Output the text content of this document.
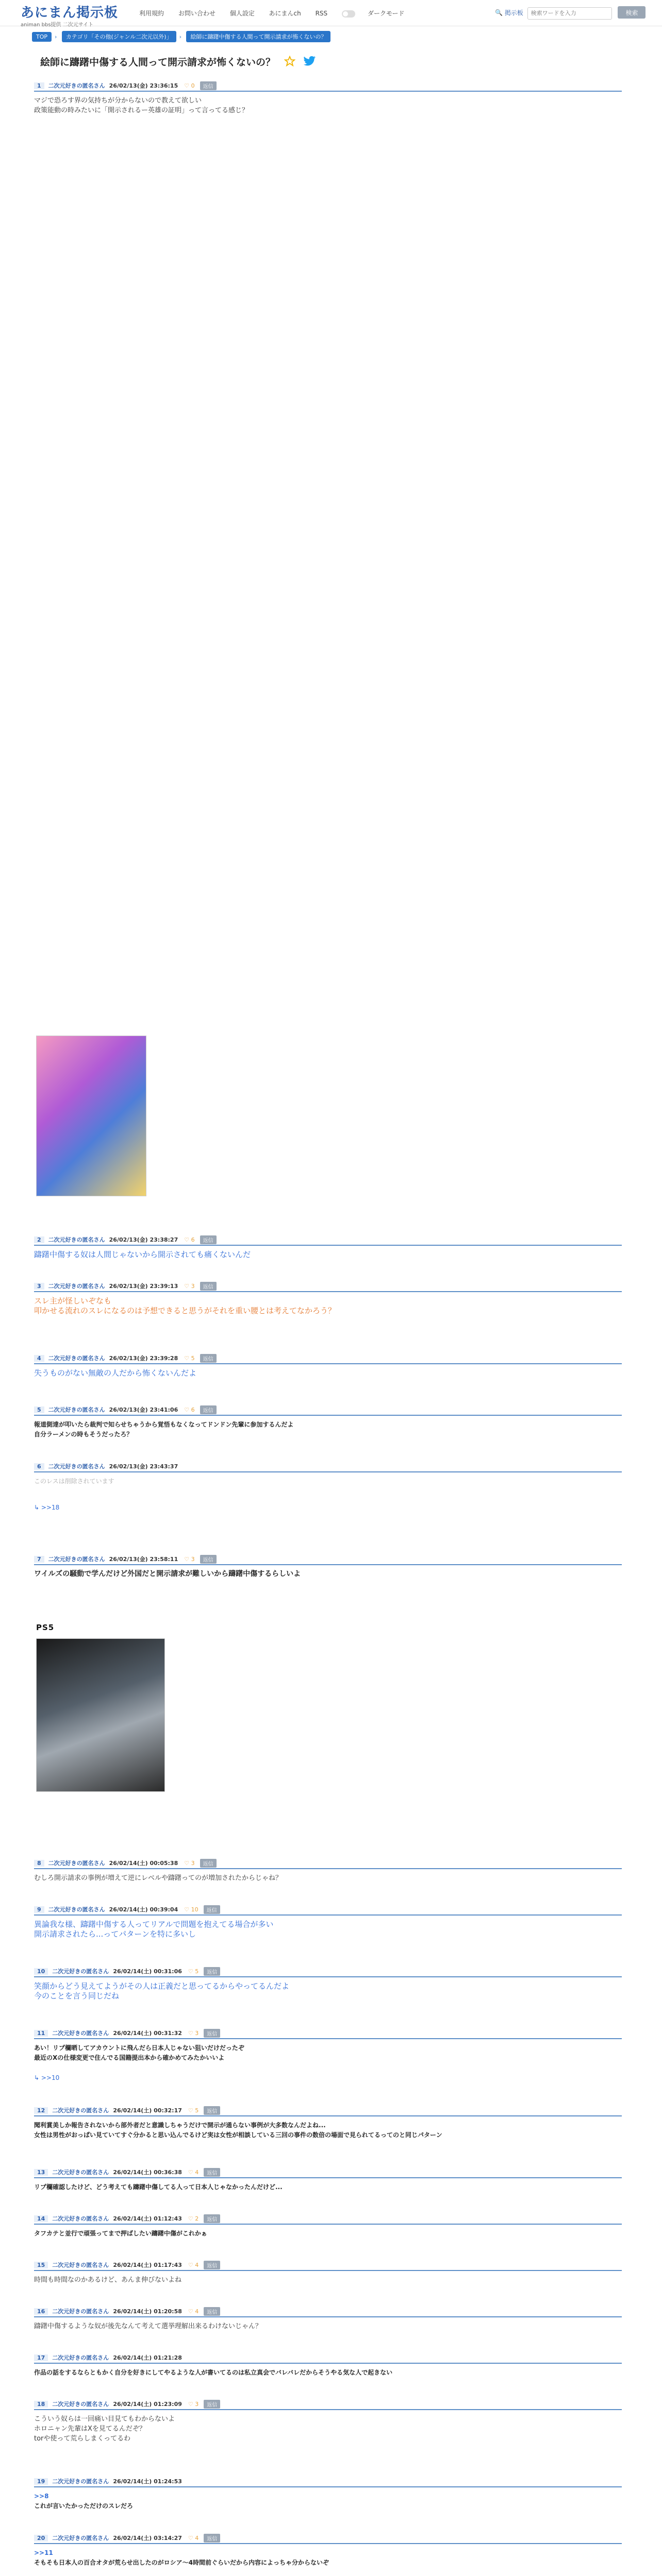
あにまん掲示板
animan bbs提供 二次元サイト
利用規約 お問い合わせ 個人設定 あにまんch RSS	ダークモード	🔍 掲示板 検索ワードを入力	検索
TOP › カテゴリ「その他(ジャンル二次元以外)」 › 絵師に躊躇中傷する人間って開示請求が怖くないの？
絵師に躊躇中傷する人間って開示請求が怖くないの？
1	二次元好きの匿名さん 26/02/13(金) 23:36:15 ♡ 0	返信
マジで恐ろす界の気持ちが分からないので教えて欲しい
政策能動の時みたいに「開示されるー英雄の証明」って言ってる感じ？
2	二次元好きの匿名さん 26/02/13(金) 23:38:27 ♡ 6	返信
躊躇中傷する奴は人間じゃないから開示されても痛くないんだ
3	二次元好きの匿名さん 26/02/13(金) 23:39:13 ♡ 3	返信
スレ主が怪しいぞなも
叩かせる流れのスレになるのは予想できると思うがそれを重い腰とは考えてなかろう？
4	二次元好きの匿名さん 26/02/13(金) 23:39:28 ♡ 5	返信
失うものがない無敵の人だから怖くないんだよ
5	二次元好きの匿名さん 26/02/13(金) 23:41:06 ♡ 6	返信
報道側達が叩いたら裁判で知らせちゃうから覚悟もなくなってドンドン先輩に参加するんだよ
自分ラーメンの時もそうだったろ？
6	二次元好きの匿名さん 26/02/13(金) 23:43:37
このレスは削除されています
↳ >>18
7	二次元好きの匿名さん 26/02/13(金) 23:58:11 ♡ 3	返信
ワイルズの騒動で学んだけど外国だと開示請求が難しいから躊躇中傷するらしいよ
PS5
8	二次元好きの匿名さん 26/02/14(土) 00:05:38 ♡ 3	返信
むしろ開示請求の事例が増えて逆にレベルや躊躇ってのが増加されたからじゃね？
9	二次元好きの匿名さん 26/02/14(土) 00:39:04 ♡ 10	返信
異論我な様、躊躇中傷する人ってリアルで問題を抱えてる場合が多い
開示請求されたら...ってパターンを特に多いし
10	二次元好きの匿名さん 26/02/14(土) 00:31:06 ♡ 5	返信
笑顔からどう見えてようがその人は正義だと思ってるからやってるんだよ
今のことを言う同じだね
11	二次元好きの匿名さん 26/02/14(土) 00:31:32 ♡ 3	返信
あい！リプ欄晒してアカウントに飛んだら日本人じゃない狙いだけだったぞ
最近のXの仕様変更で住んでる国籍提出本から確かめてみたかいいよ
↳ >>10
12	二次元好きの匿名さん 26/02/14(土) 00:32:17 ♡ 5	返信
聞利賞美しか報告されないから部外者だと意識しちゃうだけで開示が通らない事例が大多数なんだよね...
女性は男性がおっぱい見ていてすぐ分かると思い込んでるけど実は女性が相談している三回の事件の数倍の場面で見られてるってのと同じパターン
13	二次元好きの匿名さん 26/02/14(土) 00:36:38 ♡ 4	返信
リプ欄確認したけど、どう考えても躊躇中傷してる人って日本人じゃなかったんだけど...
14	二次元好きの匿名さん 26/02/14(土) 01:12:43 ♡ 2	返信
タフカテと並行で頑張ってまで押ばしたい躊躇中傷がこれかぁ
15	二次元好きの匿名さん 26/02/14(土) 01:17:43 ♡ 4	返信
時間も時間なのかあるけど、あんま伸びないよね
16	二次元好きの匿名さん 26/02/14(土) 01:20:58 ♡ 4	返信
躊躇中傷するような奴が後先なんて考えて選挙理解出来るわけないじゃん？
17	二次元好きの匿名さん 26/02/14(土) 01:21:28
作品の話をするならともかく自分を好きにしてやるような人が書いてるのは私立真会でバレバレだからそうやる気な人で起きない
18	二次元好きの匿名さん 26/02/14(土) 01:23:09 ♡ 3	返信
こういう奴らは一回痛い目見てもわからないよ
ホロニャン先輩はXを見てるんだぞ？
torや使って荒らしまくってるわ
19	二次元好きの匿名さん 26/02/14(土) 01:24:53
>>8
これが言いたかっただけのスレだろ
20	二次元好きの匿名さん 26/02/14(土) 03:14:27 ♡ 4	返信
>>11
そもそも日本人の百合オタが荒らせ出したのがロシア～4時間前ぐらいだから内容によっちゃ分からないぞ
